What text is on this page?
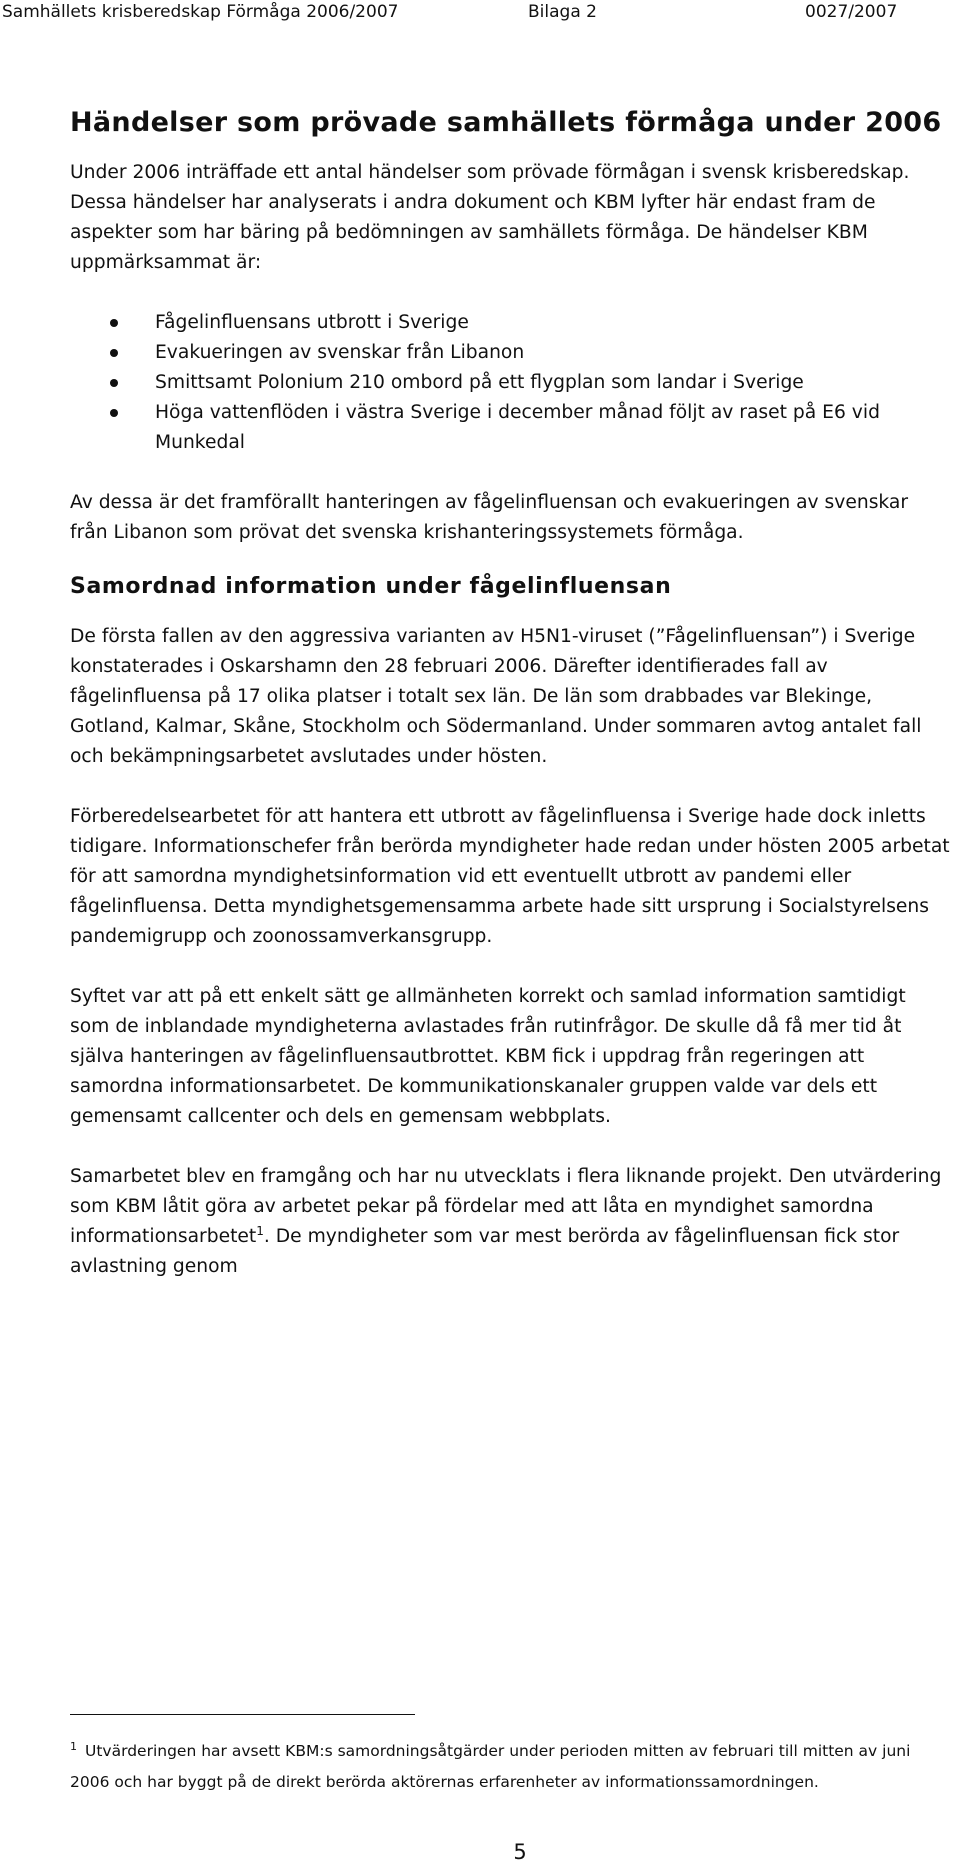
Samhällets krisberedskap Förmåga 2006/2007	Bilaga 2	0027/2007
Händelser som prövade samhällets förmåga under 2006

Under 2006 inträffade ett antal händelser som prövade förmågan i svensk krisberedskap. Dessa händelser har analyserats i andra dokument och KBM lyfter här endast fram de aspekter som har bäring på bedömningen av samhällets förmåga. De händelser KBM uppmärksammat är:

Fågelinfluensans utbrott i Sverige
Evakueringen av svenskar från Libanon
Smittsamt Polonium 210 ombord på ett flygplan som landar i Sverige
Höga vattenflöden i västra Sverige i december månad följt av raset på E6 vid Munkedal

Av dessa är det framförallt hanteringen av fågelinfluensan och evakueringen av svenskar från Libanon som prövat det svenska krishanteringssystemets förmåga.

Samordnad information under fågelinfluensan

De första fallen av den aggressiva varianten av H5N1-viruset (”Fågelinfluensan”) i Sverige konstaterades i Oskarshamn den 28 februari 2006. Därefter identifierades fall av fågelinfluensa på 17 olika platser i totalt sex län. De län som drabbades var Blekinge, Gotland, Kalmar, Skåne, Stockholm och Södermanland. Under sommaren avtog antalet fall och bekämpningsarbetet avslutades under hösten.

Förberedelsearbetet för att hantera ett utbrott av fågelinfluensa i Sverige hade dock inletts tidigare. Informationschefer från berörda myndigheter hade redan under hösten 2005 arbetat för att samordna myndighetsinformation vid ett eventuellt utbrott av pandemi eller fågelinfluensa. Detta myndighetsgemensamma arbete hade sitt ursprung i Socialstyrelsens pandemigrupp och zoonossamverkansgrupp.

Syftet var att på ett enkelt sätt ge allmänheten korrekt och samlad information samtidigt som de inblandade myndigheterna avlastades från rutinfrågor. De skulle då få mer tid åt själva hanteringen av fågelinfluensautbrottet. KBM fick i uppdrag från regeringen att samordna informationsarbetet. De kommunikationskanaler gruppen valde var dels ett gemensamt callcenter och dels en gemensam webbplats.

Samarbetet blev en framgång och har nu utvecklats i flera liknande projekt. Den utvärdering som KBM låtit göra av arbetet pekar på fördelar med att låta en myndighet samordna informationsarbetet$^1$. De myndigheter som var mest berörda av fågelinfluensan fick stor avlastning genom

$^1$ Utvärderingen har avsett KBM:s samordningsåtgärder under perioden mitten av februari till mitten av juni 2006 och har byggt på de direkt berörda aktörernas erfarenheter av informationssamordningen.
5
